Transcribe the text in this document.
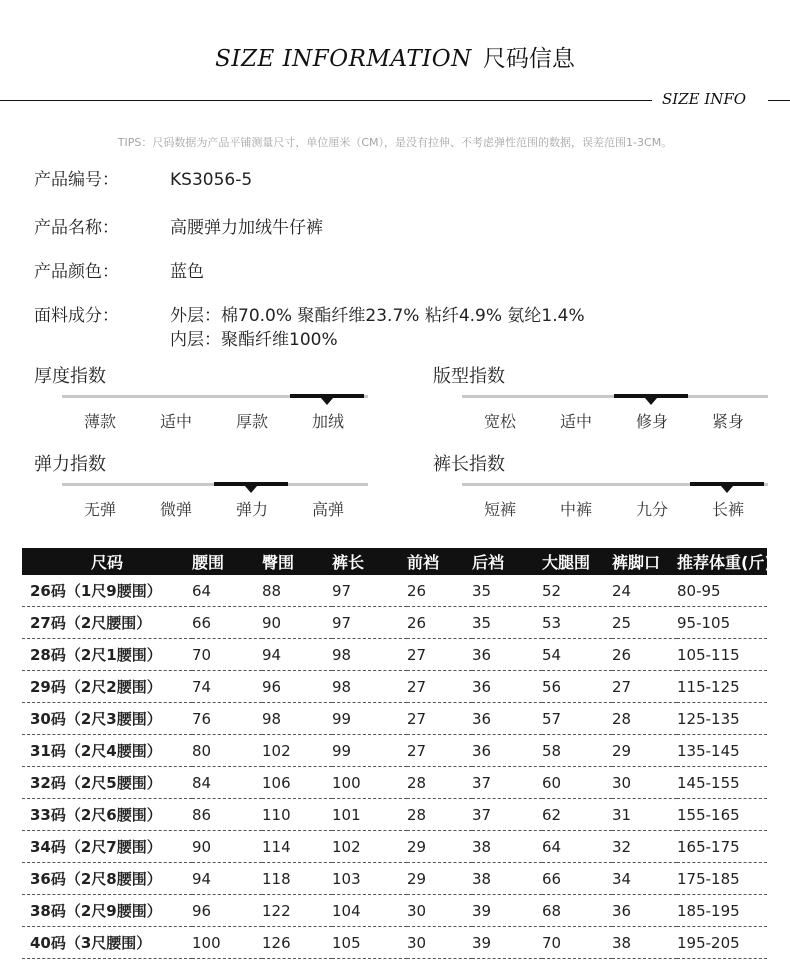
SIZE INFORMATION 尺码信息
SIZE INFO
TIPS：尺码数据为产品平铺测量尺寸，单位厘米（CM），是没有拉伸、不考虑弹性范围的数据，误差范围1-3CM。
产品编号：	KS3056-5
产品名称：	高腰弹力加绒牛仔裤
产品颜色：	蓝色
面料成分：	外层：棉70.0% 聚酯纤维23.7% 粘纤4.9% 氨纶1.4%
内层：聚酯纤维100%
厚度指数
薄款	适中	厚款	加绒
版型指数
宽松	适中	修身	紧身
弹力指数
无弹	微弹	弹力	高弹
裤长指数
短裤	中裤	九分	长裤
尺码	腰围	臀围	裤长	前裆	后裆	大腿围	裤脚口	推荐体重(斤)
26码（1尺9腰围）	64	88	97	26	35	52	24	80-95
27码（2尺腰围）	66	90	97	26	35	53	25	95-105
28码（2尺1腰围）	70	94	98	27	36	54	26	105-115
29码（2尺2腰围）	74	96	98	27	36	56	27	115-125
30码（2尺3腰围）	76	98	99	27	36	57	28	125-135
31码（2尺4腰围）	80	102	99	27	36	58	29	135-145
32码（2尺5腰围）	84	106	100	28	37	60	30	145-155
33码（2尺6腰围）	86	110	101	28	37	62	31	155-165
34码（2尺7腰围）	90	114	102	29	38	64	32	165-175
36码（2尺8腰围）	94	118	103	29	38	66	34	175-185
38码（2尺9腰围）	96	122	104	30	39	68	36	185-195
40码（3尺腰围）	100	126	105	30	39	70	38	195-205
